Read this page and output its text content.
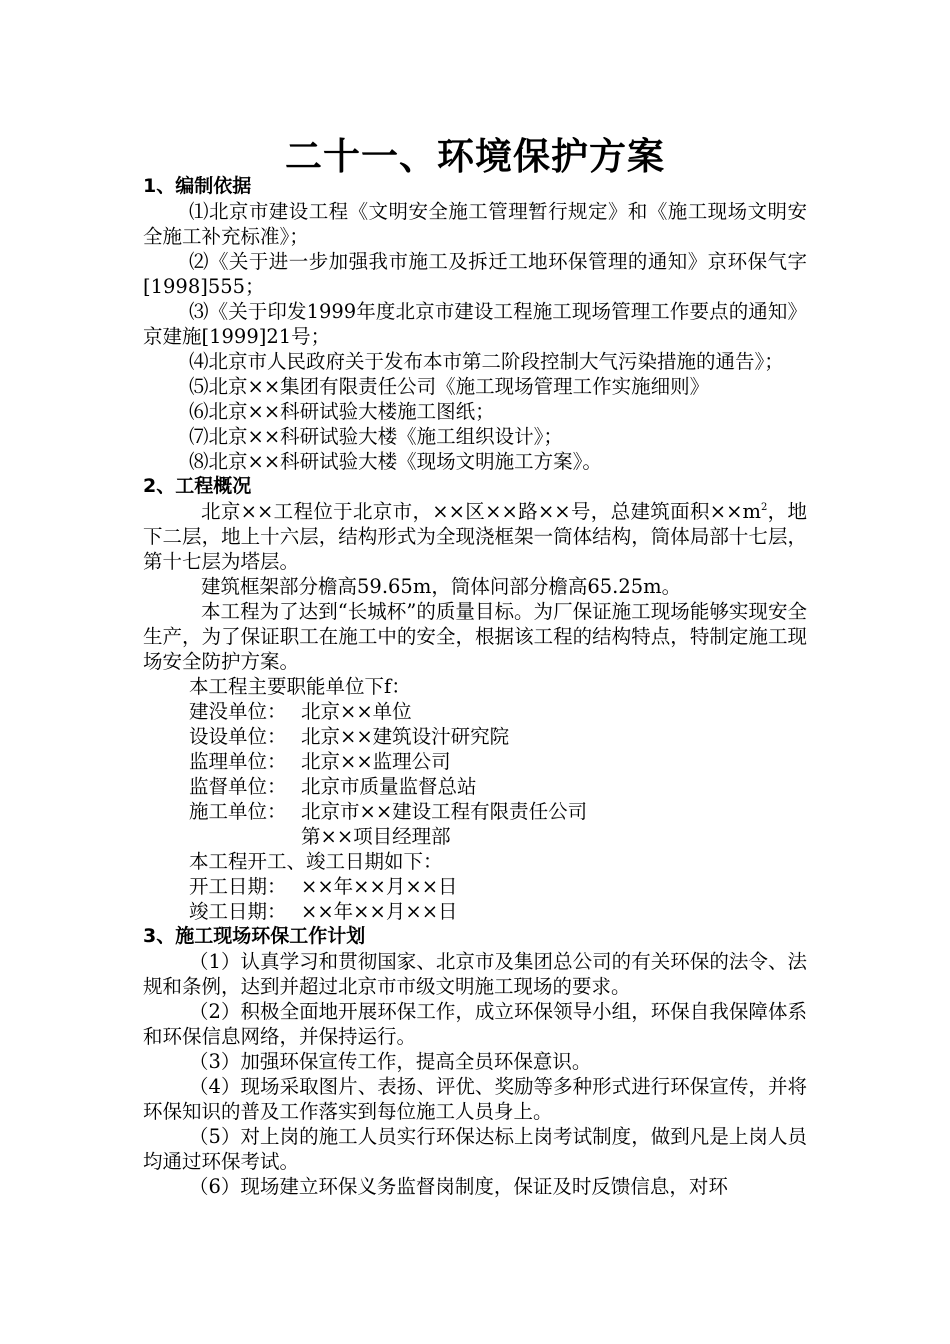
二十一、环境保护方案
1、编制依据

⑴北京市建设工程《文明安全施工管理暂行规定》和《施工现场文明安全施工补充标准》；

⑵《关于进一步加强我市施工及拆迁工地环保管理的通知》京环保气字[1998]555；

⑶《关于印发1999年度北京市建设工程施工现场管理工作要点的通知》京建施[1999]21号；

⑷北京市人民政府关于发布本市第二阶段控制大气污染措施的通告》；

⑸北京××集团有限责任公司《施工现场管理工作实施细则》

⑹北京××科研试验大楼施工图纸；

⑺北京××科研试验大楼《施工组织设计》；

⑻北京××科研试验大楼《现场文明施工方案》。

2、工程概况

北京××工程位于北京市，××区××路××号，总建筑面积$\times\times m^2$，地下二层，地上十六层，结构形式为全现浇框架一筒体结构，筒体局部十七层，第十七层为塔层。

建筑框架部分檐高59.65m，筒体问部分檐高65.25m。

本工程为了达到“长城杯”的质量目标。为厂保证施工现场能够实现安全生产，为了保证职工在施工中的安全，根据该工程的结构特点，特制定施工现场安全防护方案。

本工程主要职能单位下f：

建没单位： 北京××单位

设设单位： 北京××建筑设汁研究院

监理单位： 北京××监理公司

监督单位： 北京市质量监督总站

施工单位： 北京市××建设工程有限责任公司

第××项目经理部

本工程开工、竣工日期如下：

开工日期： ××年××月××日

竣工日期： ××年××月××日

3、施工现场环保工作计划

（1）认真学习和贯彻国家、北京市及集团总公司的有关环保的法令、法规和条例，达到并超过北京市市级文明施工现场的要求。

（2）积极全面地开展环保工作，成立环保领导小组，环保自我保障体系和环保信息网络，并保持运行。

（3）加强环保宣传工作，提高全员环保意识。

（4）现场采取图片、表扬、评优、奖励等多种形式进行环保宣传，并将环保知识的普及工作落实到每位施工人员身上。

（5）对上岗的施工人员实行环保达标上岗考试制度，做到凡是上岗人员均通过环保考试。

（6）现场建立环保义务监督岗制度，保证及时反馈信息，对环
